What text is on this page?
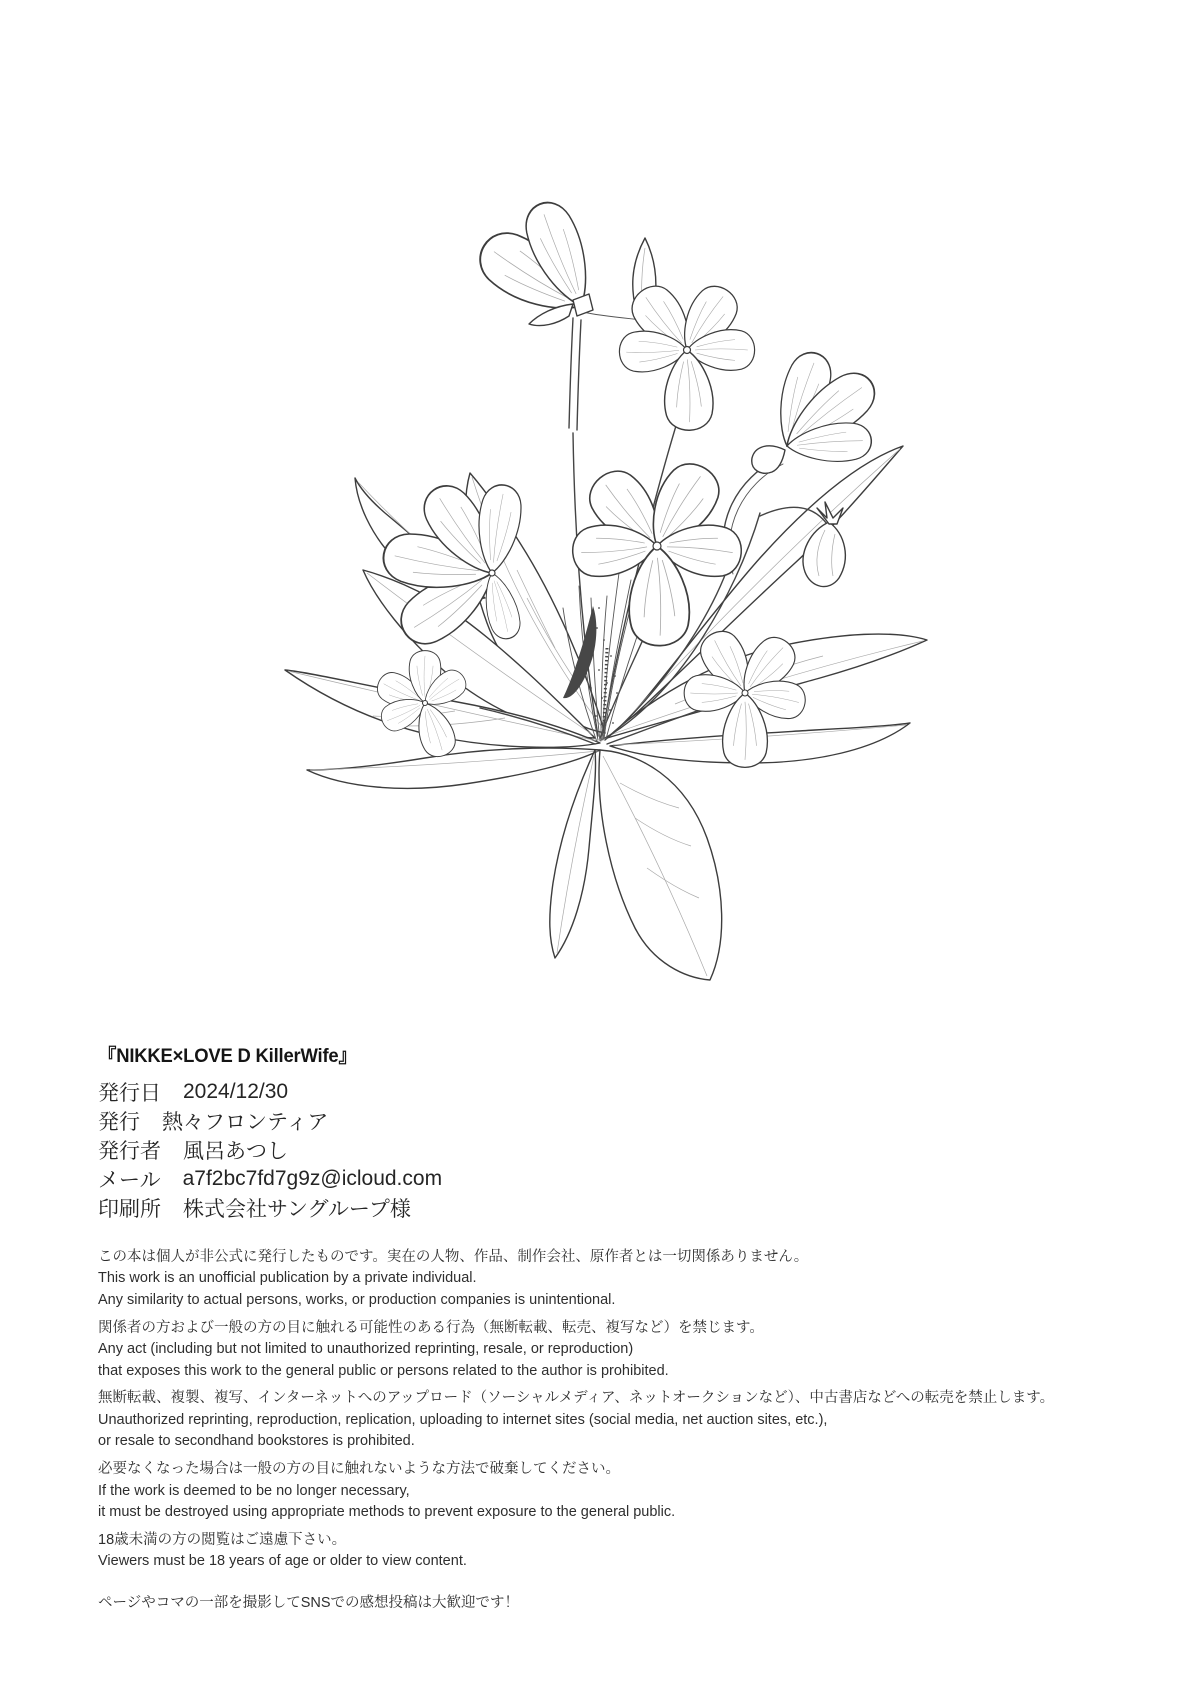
『NIKKE×LOVE D KillerWife』
発行日 2024/12/30
発行 熱々フロンティア
発行者 風呂あつし
メール a7f2bc7fd7g9z@icloud.com
印刷所 株式会社サングループ様
この本は個人が非公式に発行したものです。実在の人物、作品、制作会社、原作者とは一切関係ありません。
This work is an unofficial publication by a private individual.
Any similarity to actual persons, works, or production companies is unintentional.
関係者の方および一般の方の目に触れる可能性のある行為（無断転載、転売、複写など）を禁じます。
Any act (including but not limited to unauthorized reprinting, resale, or reproduction)
that exposes this work to the general public or persons related to the author is prohibited.
無断転載、複製、複写、インターネットへのアップロード（ソーシャルメディア、ネットオークションなど）、中古書店などへの転売を禁止します。
Unauthorized reprinting, reproduction, replication, uploading to internet sites (social media, net auction sites, etc.),
or resale to secondhand bookstores is prohibited.
必要なくなった場合は一般の方の目に触れないような方法で破棄してください。
If the work is deemed to be no longer necessary,
it must be destroyed using appropriate methods to prevent exposure to the general public.
18歳未満の方の閲覧はご遠慮下さい。
Viewers must be 18 years of age or older to view content.
ページやコマの一部を撮影してSNSでの感想投稿は大歓迎です！
